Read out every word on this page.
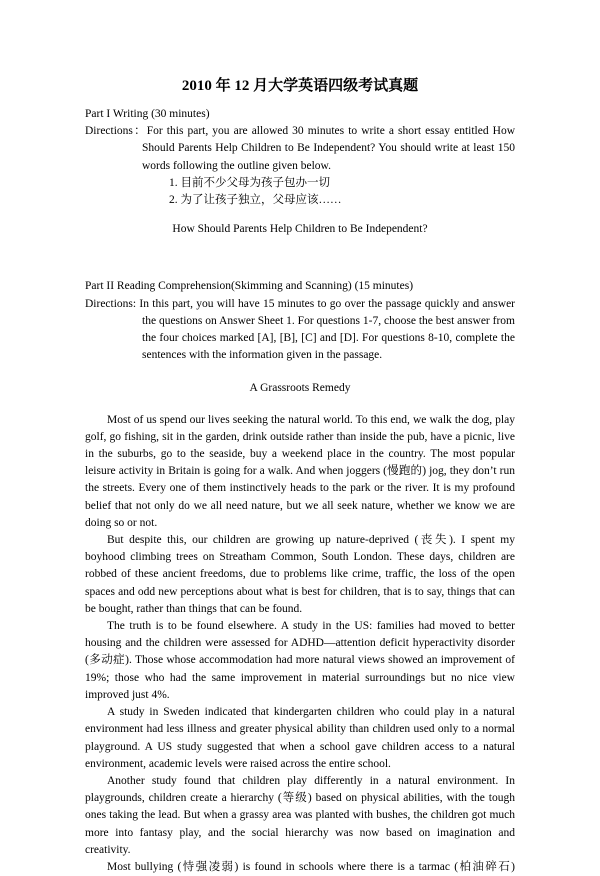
2010 年 12 月大学英语四级考试真题

Part I Writing (30 minutes)

Directions：For this part, you are allowed 30 minutes to write a short essay entitled How Should Parents Help Children to Be Independent? You should write at least 150 words following the outline given below.

1. 目前不少父母为孩子包办一切
2. 为了让孩子独立，父母应该……

How Should Parents Help Children to Be Independent?

Part II Reading Comprehension(Skimming and Scanning) (15 minutes)

Directions: In this part, you will have 15 minutes to go over the passage quickly and answer the questions on Answer Sheet 1. For questions 1-7, choose the best answer from the four choices marked [A], [B], [C] and [D]. For questions 8-10, complete the sentences with the information given in the passage.

A Grassroots Remedy

Most of us spend our lives seeking the natural world. To this end, we walk the dog, play golf, go fishing, sit in the garden, drink outside rather than inside the pub, have a picnic, live in the suburbs, go to the seaside, buy a weekend place in the country. The most popular leisure activity in Britain is going for a walk. And when joggers (慢跑的) jog, they don’t run the streets. Every one of them instinctively heads to the park or the river. It is my profound belief that not only do we all need nature, but we all seek nature, whether we know we are doing so or not.

But despite this, our children are growing up nature-deprived (丧失). I spent my boyhood climbing trees on Streatham Common, South London. These days, children are robbed of these ancient freedoms, due to problems like crime, traffic, the loss of the open spaces and odd new perceptions about what is best for children, that is to say, things that can be bought, rather than things that can be found.

The truth is to be found elsewhere. A study in the US: families had moved to better housing and the children were assessed for ADHD—attention deficit hyperactivity disorder (多动症). Those whose accommodation had more natural views showed an improvement of 19%; those who had the same improvement in material surroundings but no nice view improved just 4%.

A study in Sweden indicated that kindergarten children who could play in a natural environment had less illness and greater physical ability than children used only to a normal playground. A US study suggested that when a school gave children access to a natural environment, academic levels were raised across the entire school.

Another study found that children play differently in a natural environment. In playgrounds, children create a hierarchy (等级) based on physical abilities, with the tough ones taking the lead. But when a grassy area was planted with bushes, the children got much more into fantasy play, and the social hierarchy was now based on imagination and creativity.

Most bullying (恃强凌弱) is found in schools where there is a tarmac (柏油碎石)
